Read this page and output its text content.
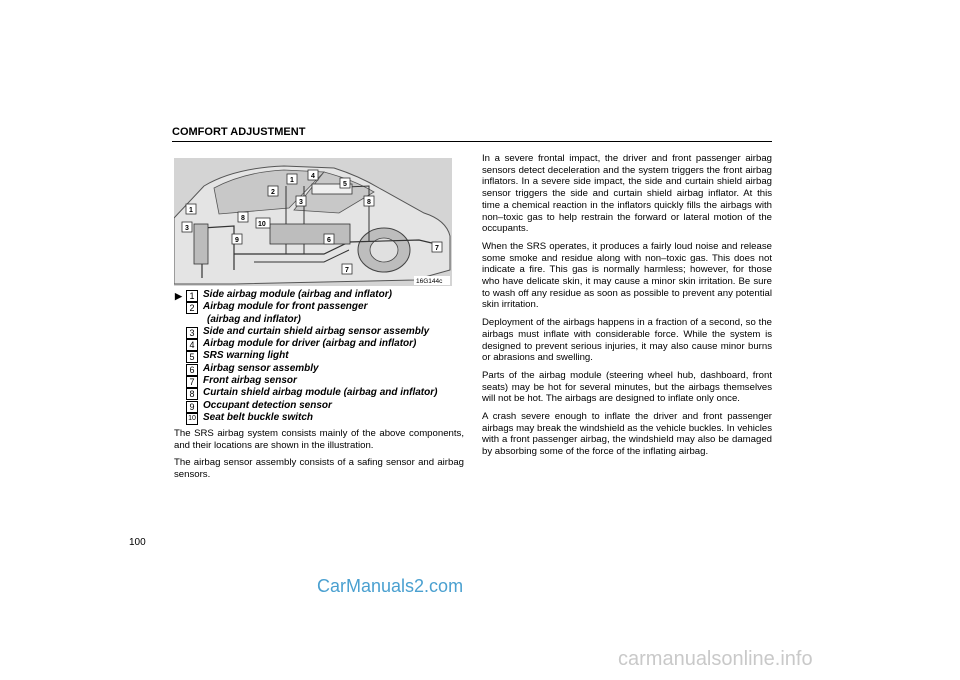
COMFORT ADJUSTMENT
3
1
2
1
4
5
3	8
8
10
9	6
7
7
16G144c
▶ 1 Side airbag module (airbag and inflator)
2 Airbag module for front passenger
(airbag and inflator)
3 Side and curtain shield airbag sensor assembly
4 Airbag module for driver (airbag and inflator)
5 SRS warning light
6 Airbag sensor assembly
7 Front airbag sensor
8 Curtain shield airbag module (airbag and inflator)
9 Occupant detection sensor
10 Seat belt buckle switch

The SRS airbag system consists mainly of the above components, and their locations are shown in the illustration.

The airbag sensor assembly consists of a safing sensor and airbag sensors.

In a severe frontal impact, the driver and front passenger airbag sensors detect deceleration and the system triggers the front airbag inflators. In a severe side impact, the side and curtain shield airbag sensor triggers the side and curtain shield airbag inflator. At this time a chemical reaction in the inflators quickly fills the airbags with non–toxic gas to help restrain the forward or lateral motion of the occupants.

When the SRS operates, it produces a fairly loud noise and release some smoke and residue along with non–toxic gas. This does not indicate a fire. This gas is normally harmless; however, for those who have delicate skin, it may cause a minor skin irritation. Be sure to wash off any residue as soon as possible to prevent any potential skin irritation.

Deployment of the airbags happens in a fraction of a second, so the airbags must inflate with considerable force. While the system is designed to prevent serious injuries, it may also cause minor burns or abrasions and swelling.

Parts of the airbag module (steering wheel hub, dashboard, front seats) may be hot for several minutes, but the airbags themselves will not be hot. The airbags are designed to inflate only once.

A crash severe enough to inflate the driver and front passenger airbags may break the windshield as the vehicle buckles. In vehicles with a front passenger airbag, the windshield may also be damaged by absorbing some of the force of the inflating airbag.

100
CarManuals2.com
carmanualsonline.info
